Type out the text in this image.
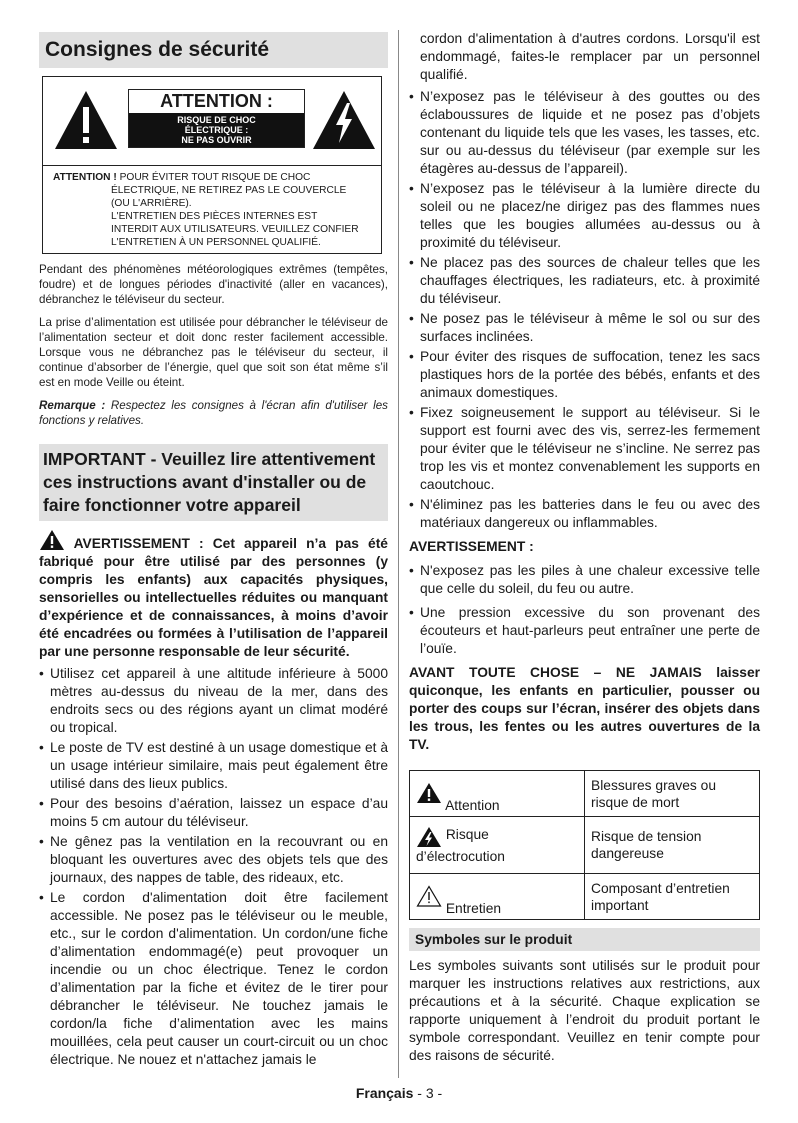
Consignes de sécurité
ATTENTION :
RISQUE DE CHOC
ÉLECTRIQUE :
NE PAS OUVRIR
ATTENTION ! POUR ÉVITER TOUT RISQUE DE CHOC
ÉLECTRIQUE, NE RETIREZ PAS LE COUVERCLE
(OU L'ARRIÈRE).
L'ENTRETIEN DES PIÈCES INTERNES EST
INTERDIT AUX UTILISATEURS. VEUILLEZ CONFIER
L'ENTRETIEN À UN PERSONNEL QUALIFIÉ.

Pendant des phénomènes météorologiques extrêmes (tempêtes, foudre) et de longues périodes d'inactivité (aller en vacances), débranchez le téléviseur du secteur.

La prise d’alimentation est utilisée pour débrancher le téléviseur de l’alimentation secteur et doit donc rester facilement accessible. Lorsque vous ne débranchez pas le téléviseur du secteur, il continue d’absorber de l’énergie, quel que soit son état même s’il est en mode Veille ou éteint.

Remarque : Respectez les consignes à l'écran afin d'utiliser les fonctions y relatives.

IMPORTANT - Veuillez lire attentivement ces instructions avant d'installer ou de faire fonctionner votre appareil

AVERTISSEMENT : Cet appareil n’a pas été fabriqué pour être utilisé par des personnes (y compris les enfants) aux capacités physiques, sensorielles ou intellectuelles réduites ou manquant d’expérience et de connaissances, à moins d’avoir été encadrées ou formées à l’utilisation de l’appareil par une personne responsable de leur sécurité.

• Utilisez cet appareil à une altitude inférieure à 5000 mètres au-dessus du niveau de la mer, dans des endroits secs ou des régions ayant un climat modéré ou tropical.
• Le poste de TV est destiné à un usage domestique et à un usage intérieur similaire, mais peut également être utilisé dans des lieux publics.
• Pour des besoins d’aération, laissez un espace d’au moins 5 cm autour du téléviseur.
• Ne gênez pas la ventilation en la recouvrant ou en bloquant les ouvertures avec des objets tels que des journaux, des nappes de table, des rideaux, etc.
• Le cordon d'alimentation doit être facilement accessible. Ne posez pas le téléviseur ou le meuble, etc., sur le cordon d'alimentation. Un cordon/une fiche d’alimentation endommagé(e) peut provoquer un incendie ou un choc électrique. Tenez le cordon d’alimentation par la fiche et évitez de le tirer pour débrancher le téléviseur. Ne touchez jamais le cordon/la fiche d’alimentation avec les mains mouillées, cela peut causer un court-circuit ou un choc électrique. Ne nouez et n'attachez jamais le

cordon d'alimentation à d'autres cordons. Lorsqu'il est endommagé, faites-le remplacer par un personnel qualifié.

• N’exposez pas le téléviseur à des gouttes ou des éclaboussures de liquide et ne posez pas d’objets contenant du liquide tels que les vases, les tasses, etc. sur ou au-dessus du téléviseur (par exemple sur les étagères au-dessus de l’appareil).
• N’exposez pas le téléviseur à la lumière directe du soleil ou ne placez/ne dirigez pas des flammes nues telles que les bougies allumées au-dessus ou à proximité du téléviseur.
• Ne placez pas des sources de chaleur telles que les chauffages électriques, les radiateurs, etc. à proximité du téléviseur.
• Ne posez pas le téléviseur à même le sol ou sur des surfaces inclinées.
• Pour éviter des risques de suffocation, tenez les sacs plastiques hors de la portée des bébés, enfants et des animaux domestiques.
• Fixez soigneusement le support au téléviseur. Si le support est fourni avec des vis, serrez-les fermement pour éviter que le téléviseur ne s’incline. Ne serrez pas trop les vis et montez convenablement les supports en caoutchouc.
• N'éliminez pas les batteries dans le feu ou avec des matériaux dangereux ou inflammables.
AVERTISSEMENT :
• N'exposez pas les piles à une chaleur excessive telle que celle du soleil, du feu ou autre.
• Une pression excessive du son provenant des écouteurs et haut-parleurs peut entraîner une perte de l’ouïe.

AVANT TOUTE CHOSE – NE JAMAIS laisser quiconque, les enfants en particulier, pousser ou porter des coups sur l’écran, insérer des objets dans les trous, les fentes ou les autres ouvertures de la TV.

Attention	Blessures graves ou risque de mort
Risque d’électrocution	Risque de tension dangereuse
Entretien	Composant d’entretien important
Symboles sur le produit

Les symboles suivants sont utilisés sur le produit pour marquer les instructions relatives aux restrictions, aux précautions et à la sécurité. Chaque explication se rapporte uniquement à l’endroit du produit portant le symbole correspondant. Veuillez en tenir compte pour des raisons de sécurité.

Français - 3 -
